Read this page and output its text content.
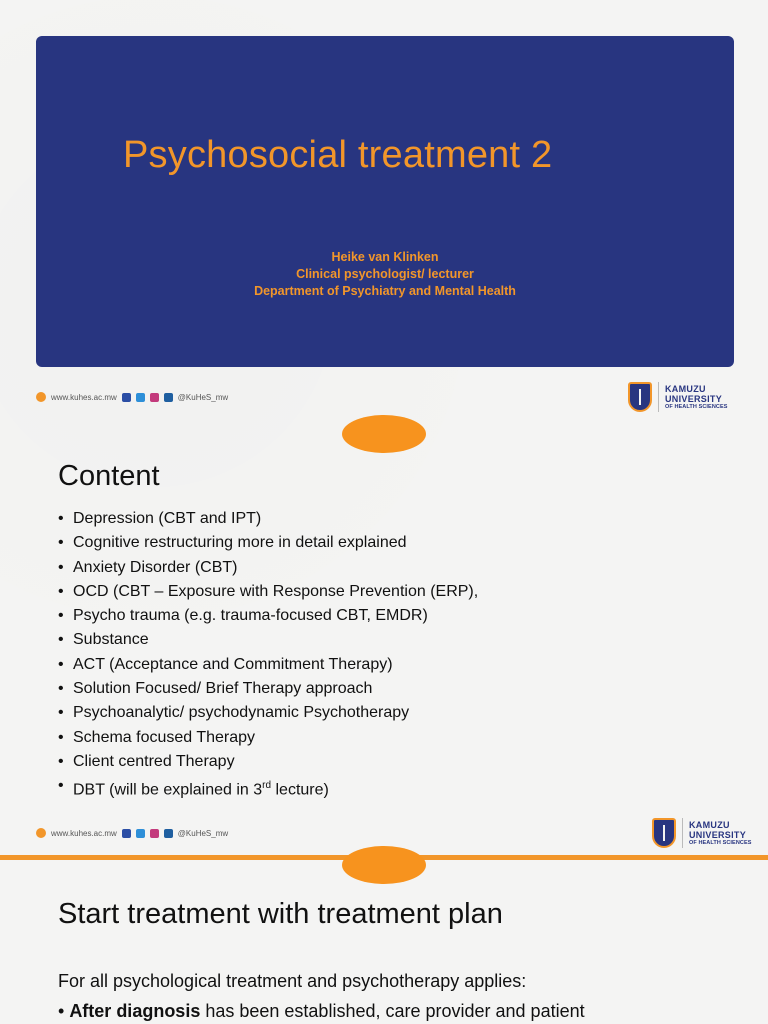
Psychosocial treatment 2
Heike van Klinken
Clinical psychologist/ lecturer
Department of Psychiatry and Mental Health
www.kuhes.ac.mw	@KuHeS_mw
KAMUZU
UNIVERSITY
OF HEALTH SCIENCES
Content
• Depression (CBT and IPT)
• Cognitive restructuring more in detail explained
• Anxiety Disorder (CBT)
• OCD (CBT – Exposure with Response Prevention (ERP),
• Psycho trauma (e.g. trauma-focused CBT, EMDR)
• Substance
• ACT (Acceptance and Commitment Therapy)
• Solution Focused/ Brief Therapy approach
• Psychoanalytic/ psychodynamic Psychotherapy
• Schema focused Therapy
• Client centred Therapy
• DBT (will be explained in 3rd lecture)
www.kuhes.ac.mw	@KuHeS_mw
KAMUZU
UNIVERSITY
OF HEALTH SCIENCES
Start treatment with treatment plan
For all psychological treatment and psychotherapy applies:
• After diagnosis has been established, care provider and patient
